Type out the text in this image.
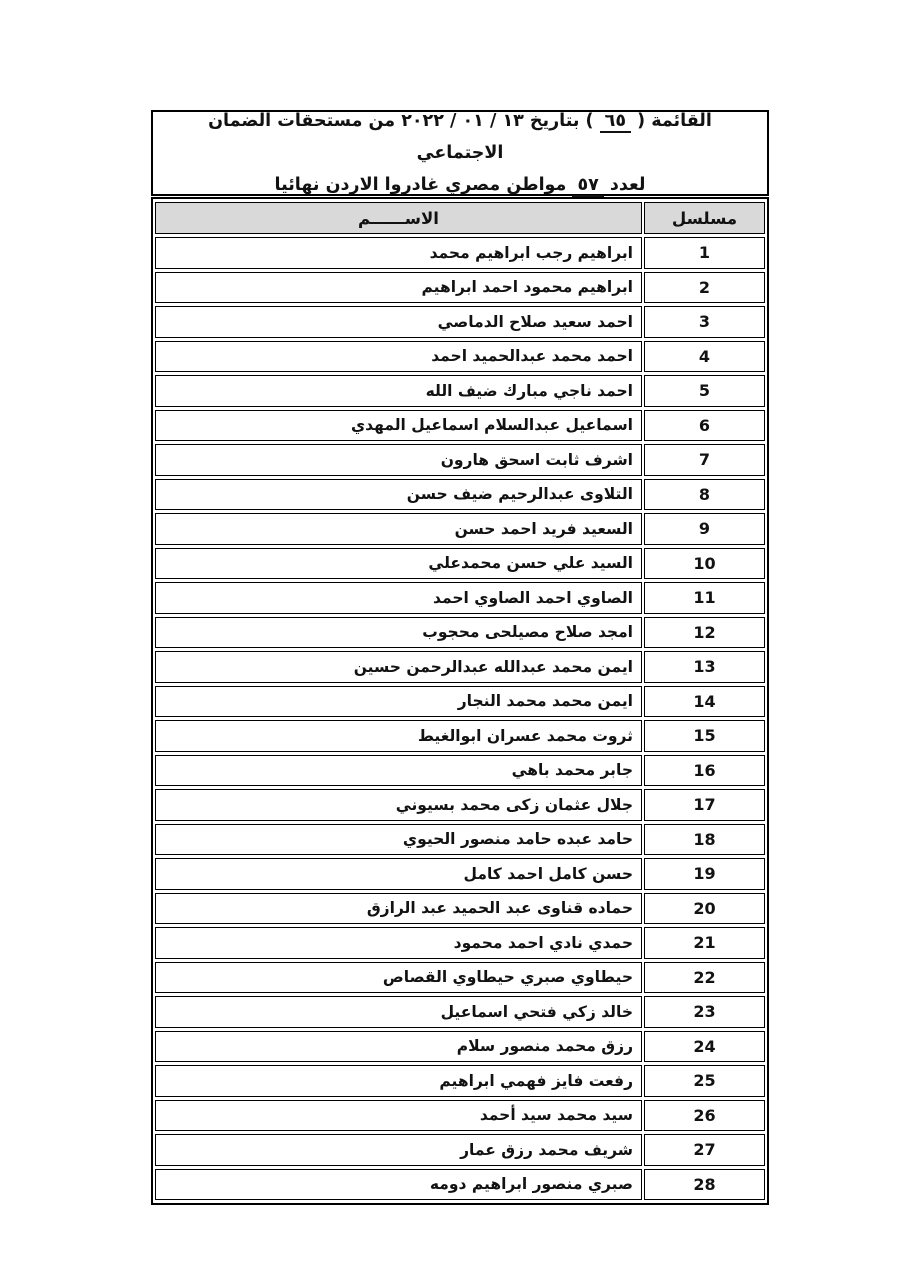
القائمة ( ٦٥ ) بتاريخ ١٣ / ٠١ / ٢٠٢٢ من مستحقات الضمان الاجتماعي
لعدد ٥٧ مواطن مصري غادروا الاردن نهائيا
مسلسل	الاســــــم
1	ابراهيم رجب ابراهيم محمد
2	ابراهيم محمود احمد ابراهيم
3	احمد سعيد صلاح الدماصي
4	احمد محمد عبدالحميد احمد
5	احمد ناجي مبارك ضيف الله
6	اسماعيل عبدالسلام اسماعيل المهدي
7	اشرف ثابت اسحق هارون
8	التلاوى عبدالرحيم ضيف حسن
9	السعيد فريد احمد حسن
10	السيد علي حسن محمدعلي
11	الصاوي احمد الصاوي احمد
12	امجد صلاح مصيلحى محجوب
13	ايمن محمد عبدالله عبدالرحمن حسين
14	ايمن محمد محمد النجار
15	ثروت محمد عسران ابوالغيط
16	جابر محمد باهي
17	جلال عثمان زكى محمد بسيوني
18	حامد عبده حامد منصور الحيوي
19	حسن كامل احمد كامل
20	حماده قناوى عبد الحميد عبد الرازق
21	حمدي نادي احمد محمود
22	حيطاوي صبري حيطاوي القصاص
23	خالد زكي فتحي اسماعيل
24	رزق محمد منصور سلام
25	رفعت فايز فهمي ابراهيم
26	سيد محمد سيد أحمد
27	شريف محمد رزق عمار
28	صبري منصور ابراهيم دومه
